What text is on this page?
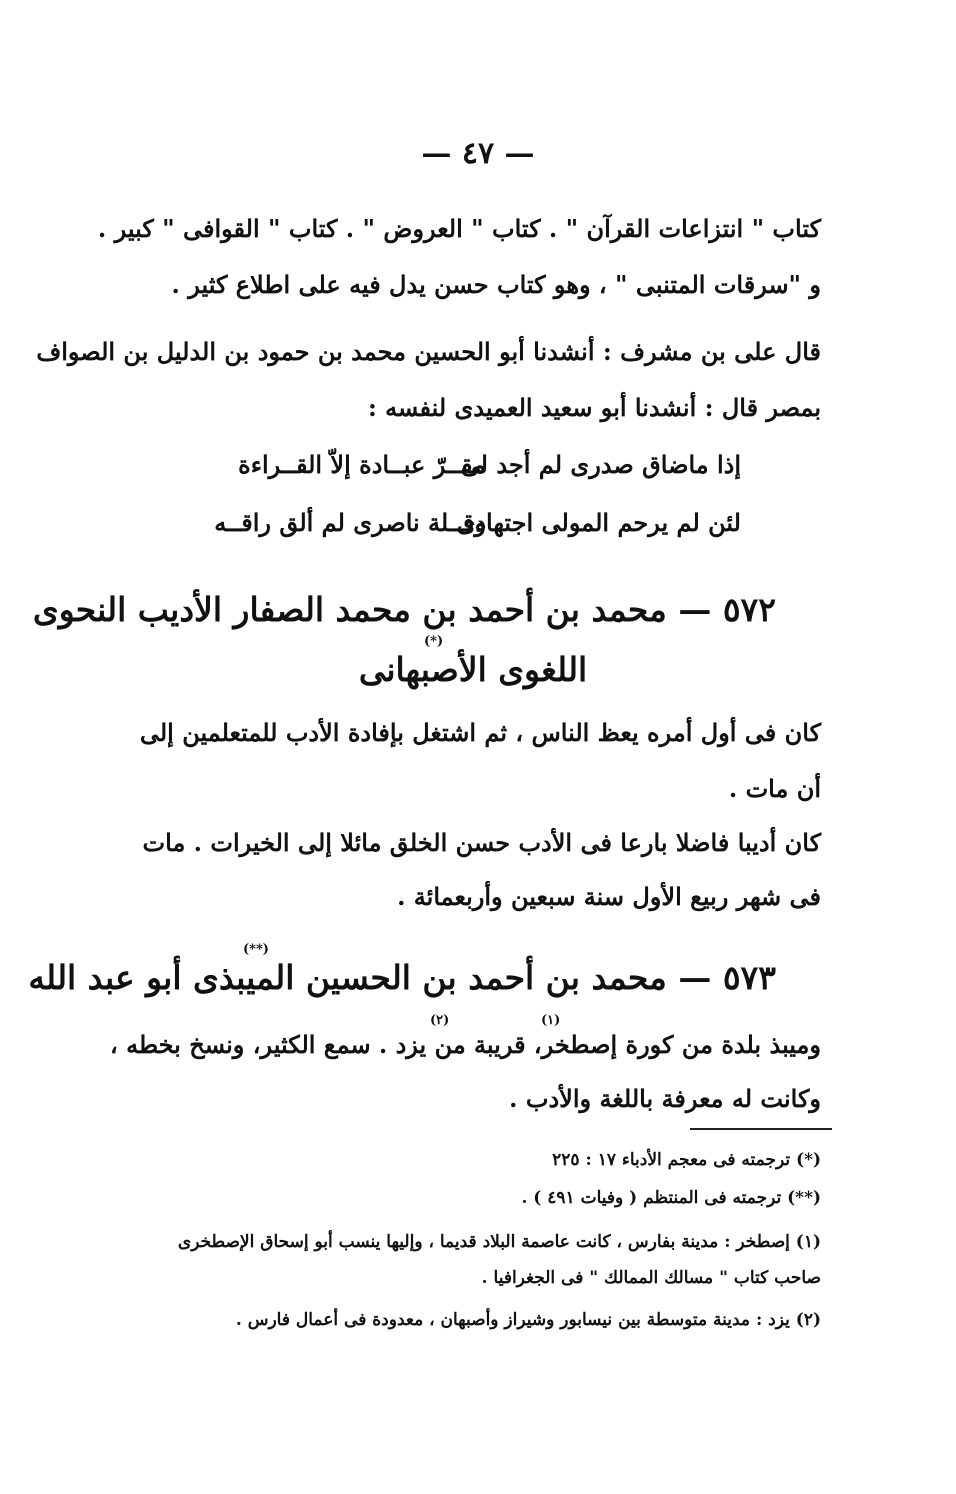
— ٤٧ —
كتاب " انتزاعات القرآن " . كتاب " العروض " . كتاب " القوافى " كبير .
و "سرقات المتنبى " ، وهو كتاب حسن يدل فيه على اطلاع كثير .
قال على بن مشرف : أنشدنا أبو الحسين محمد بن حمود بن الدليل بن الصواف
بمصر قال : أنشدنا أبو سعيد العميدى لنفسه :
إذا ماضاق صدرى لم أجد لى
مقــرّ عبــادة إلاّ القــراءة
لئن لم يرحم المولى اجتهادى
وقــلة ناصرى لم ألق راقــه
٥٧٢ — محمد بن أحمد بن محمد الصفار الأديب النحوى
(*)
اللغوى الأصبهانى
كان فى أول أمره يعظ الناس ، ثم اشتغل بإفادة الأدب للمتعلمين إلى
أن مات .
كان أديبا فاضلا بارعا فى الأدب حسن الخلق مائلا إلى الخيرات . مات
فى شهر ربيع الأول سنة سبعين وأربعمائة .
(**)
٥٧٣ — محمد بن أحمد بن الحسين الميبذى أبو عبد الله
(١)
(٢)
وميبذ بلدة من كورة إصطخر، قريبة من يزد . سمع الكثير، ونسخ بخطه ،
وكانت له معرفة باللغة والأدب .
(*) ترجمته فى معجم الأدباء ١٧ : ٢٢٥
(**) ترجمته فى المنتظم ( وفيات ٤٩١ ) .
(١) إصطخر : مدينة بفارس ، كانت عاصمة البلاد قديما ، وإليها ينسب أبو إسحاق الإصطخرى
صاحب كتاب " مسالك الممالك " فى الجغرافيا .
(٢) يزد : مدينة متوسطة بين نيسابور وشيراز وأصبهان ، معدودة فى أعمال فارس .
